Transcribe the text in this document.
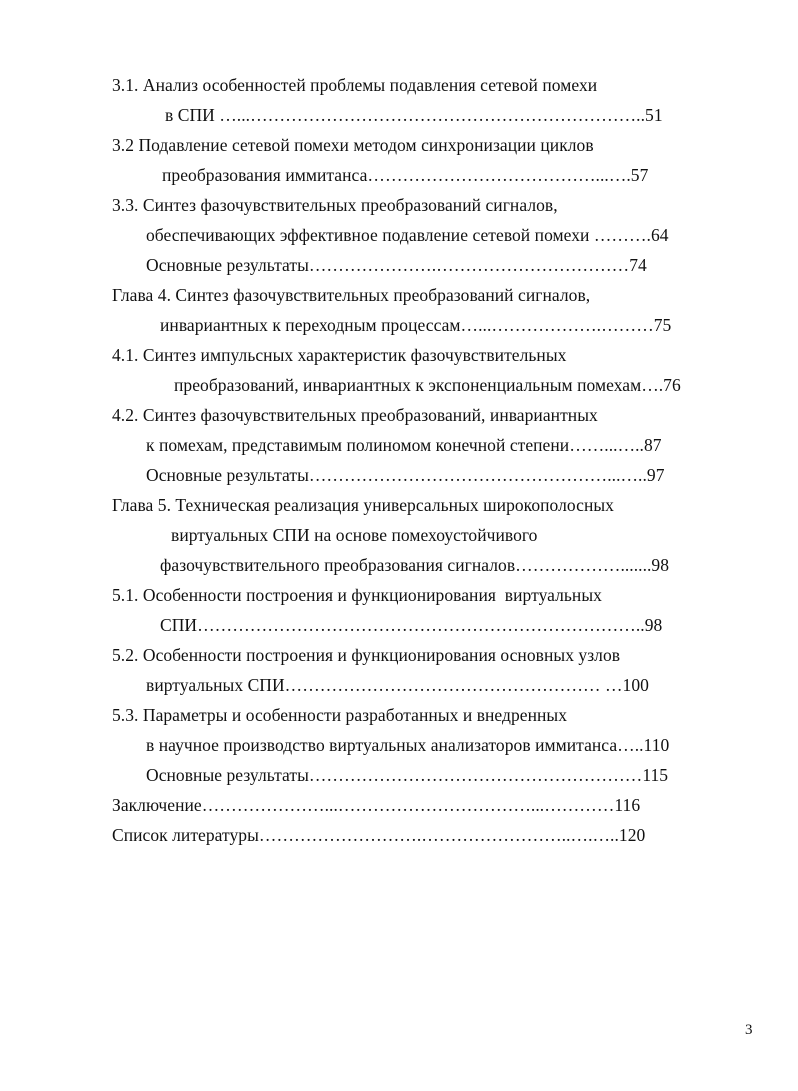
3.1. Анализ особенностей проблемы подавления сетевой помехи
в СПИ …...…………………………………………………………..51
3.2 Подавление сетевой помехи методом синхронизации циклов
преобразования иммитанса…………………………………...….57
3.3. Синтез фазочувствительных преобразований сигналов,
обеспечивающих эффективное подавление сетевой помехи ……….64
Основные результаты………………….……………………………74
Глава 4. Синтез фазочувствительных преобразований сигналов,
инвариантных к переходным процессам…...……………….………75
4.1. Синтез импульсных характеристик фазочувствительных
преобразований, инвариантных к экспоненциальным помехам….76
4.2. Синтез фазочувствительных преобразований, инвариантных
к помехам, представимым полиномом конечной степени……...…..87
Основные результаты……………………………………………...…..97
Глава 5. Техническая реализация универсальных широкополосных
виртуальных СПИ на основе помехоустойчивого
фазочувствительного преобразования сигналов……………….......98
5.1. Особенности построения и функционирования  виртуальных
СПИ…………………………………………………………………..98
5.2. Особенности построения и функционирования основных узлов
виртуальных СПИ……………………………………………… …100
5.3. Параметры и особенности разработанных и внедренных
в научное производство виртуальных анализаторов иммитанса…..110
Основные результаты…………………………………………………115
Заключение…………………...……………………………...…………116
Список литературы……………………….……………………..….…..120
3
